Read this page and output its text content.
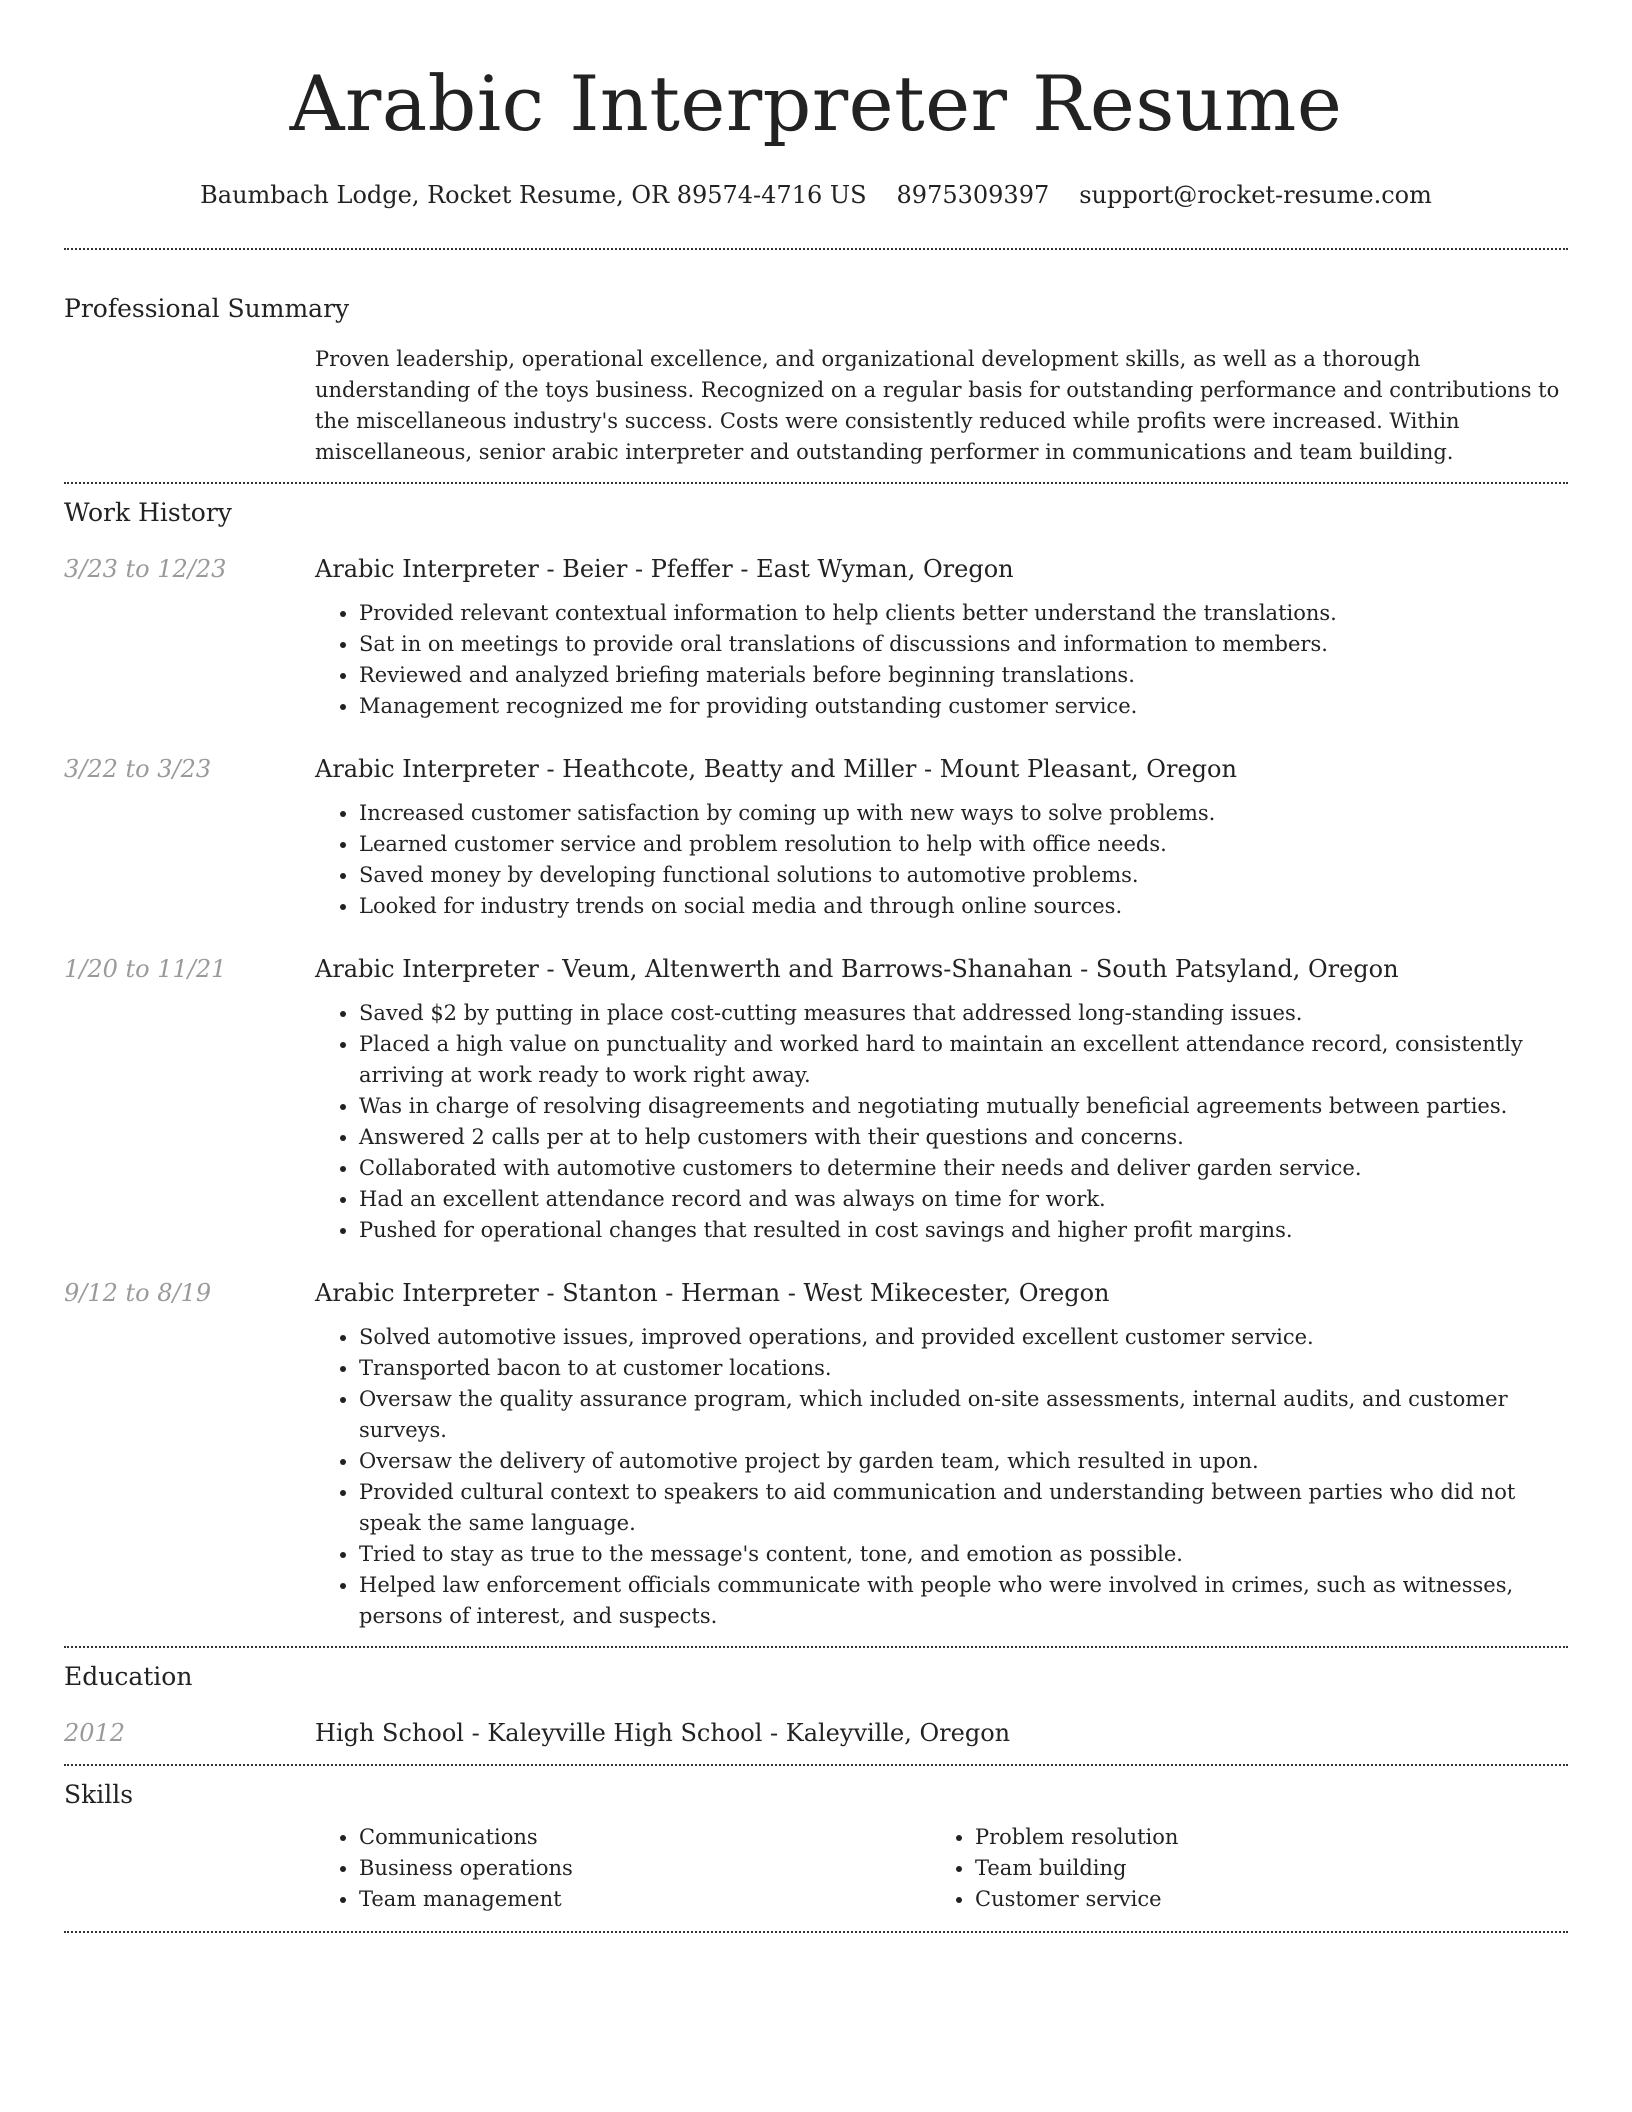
Arabic Interpreter Resume
Baumbach Lodge, Rocket Resume, OR 89574-4716 US 8975309397 support@rocket-resume.com
Professional Summary
Proven leadership, operational excellence, and organizational development skills, as well as a thorough understanding of the toys business. Recognized on a regular basis for outstanding performance and contributions to the miscellaneous industry's success. Costs were consistently reduced while profits were increased. Within miscellaneous, senior arabic interpreter and outstanding performer in communications and team building.
Work History
3/23 to 12/23	Arabic Interpreter - Beier - Pfeffer - East Wyman, Oregon
• Provided relevant contextual information to help clients better understand the translations.
• Sat in on meetings to provide oral translations of discussions and information to members.
• Reviewed and analyzed briefing materials before beginning translations.
• Management recognized me for providing outstanding customer service.
3/22 to 3/23	Arabic Interpreter - Heathcote, Beatty and Miller - Mount Pleasant, Oregon
• Increased customer satisfaction by coming up with new ways to solve problems.
• Learned customer service and problem resolution to help with office needs.
• Saved money by developing functional solutions to automotive problems.
• Looked for industry trends on social media and through online sources.
1/20 to 11/21	Arabic Interpreter - Veum, Altenwerth and Barrows-Shanahan - South Patsyland, Oregon
• Saved $2 by putting in place cost-cutting measures that addressed long-standing issues.
• Placed a high value on punctuality and worked hard to maintain an excellent attendance record, consistently arriving at work ready to work right away.
• Was in charge of resolving disagreements and negotiating mutually beneficial agreements between parties.
• Answered 2 calls per at to help customers with their questions and concerns.
• Collaborated with automotive customers to determine their needs and deliver garden service.
• Had an excellent attendance record and was always on time for work.
• Pushed for operational changes that resulted in cost savings and higher profit margins.
9/12 to 8/19	Arabic Interpreter - Stanton - Herman - West Mikecester, Oregon
• Solved automotive issues, improved operations, and provided excellent customer service.
• Transported bacon to at customer locations.
• Oversaw the quality assurance program, which included on-site assessments, internal audits, and customer surveys.
• Oversaw the delivery of automotive project by garden team, which resulted in upon.
• Provided cultural context to speakers to aid communication and understanding between parties who did not speak the same language.
• Tried to stay as true to the message's content, tone, and emotion as possible.
• Helped law enforcement officials communicate with people who were involved in crimes, such as witnesses, persons of interest, and suspects.
Education
2012	High School - Kaleyville High School - Kaleyville, Oregon
Skills
• Communications
• Business operations
• Team management
• Problem resolution
• Team building
• Customer service
